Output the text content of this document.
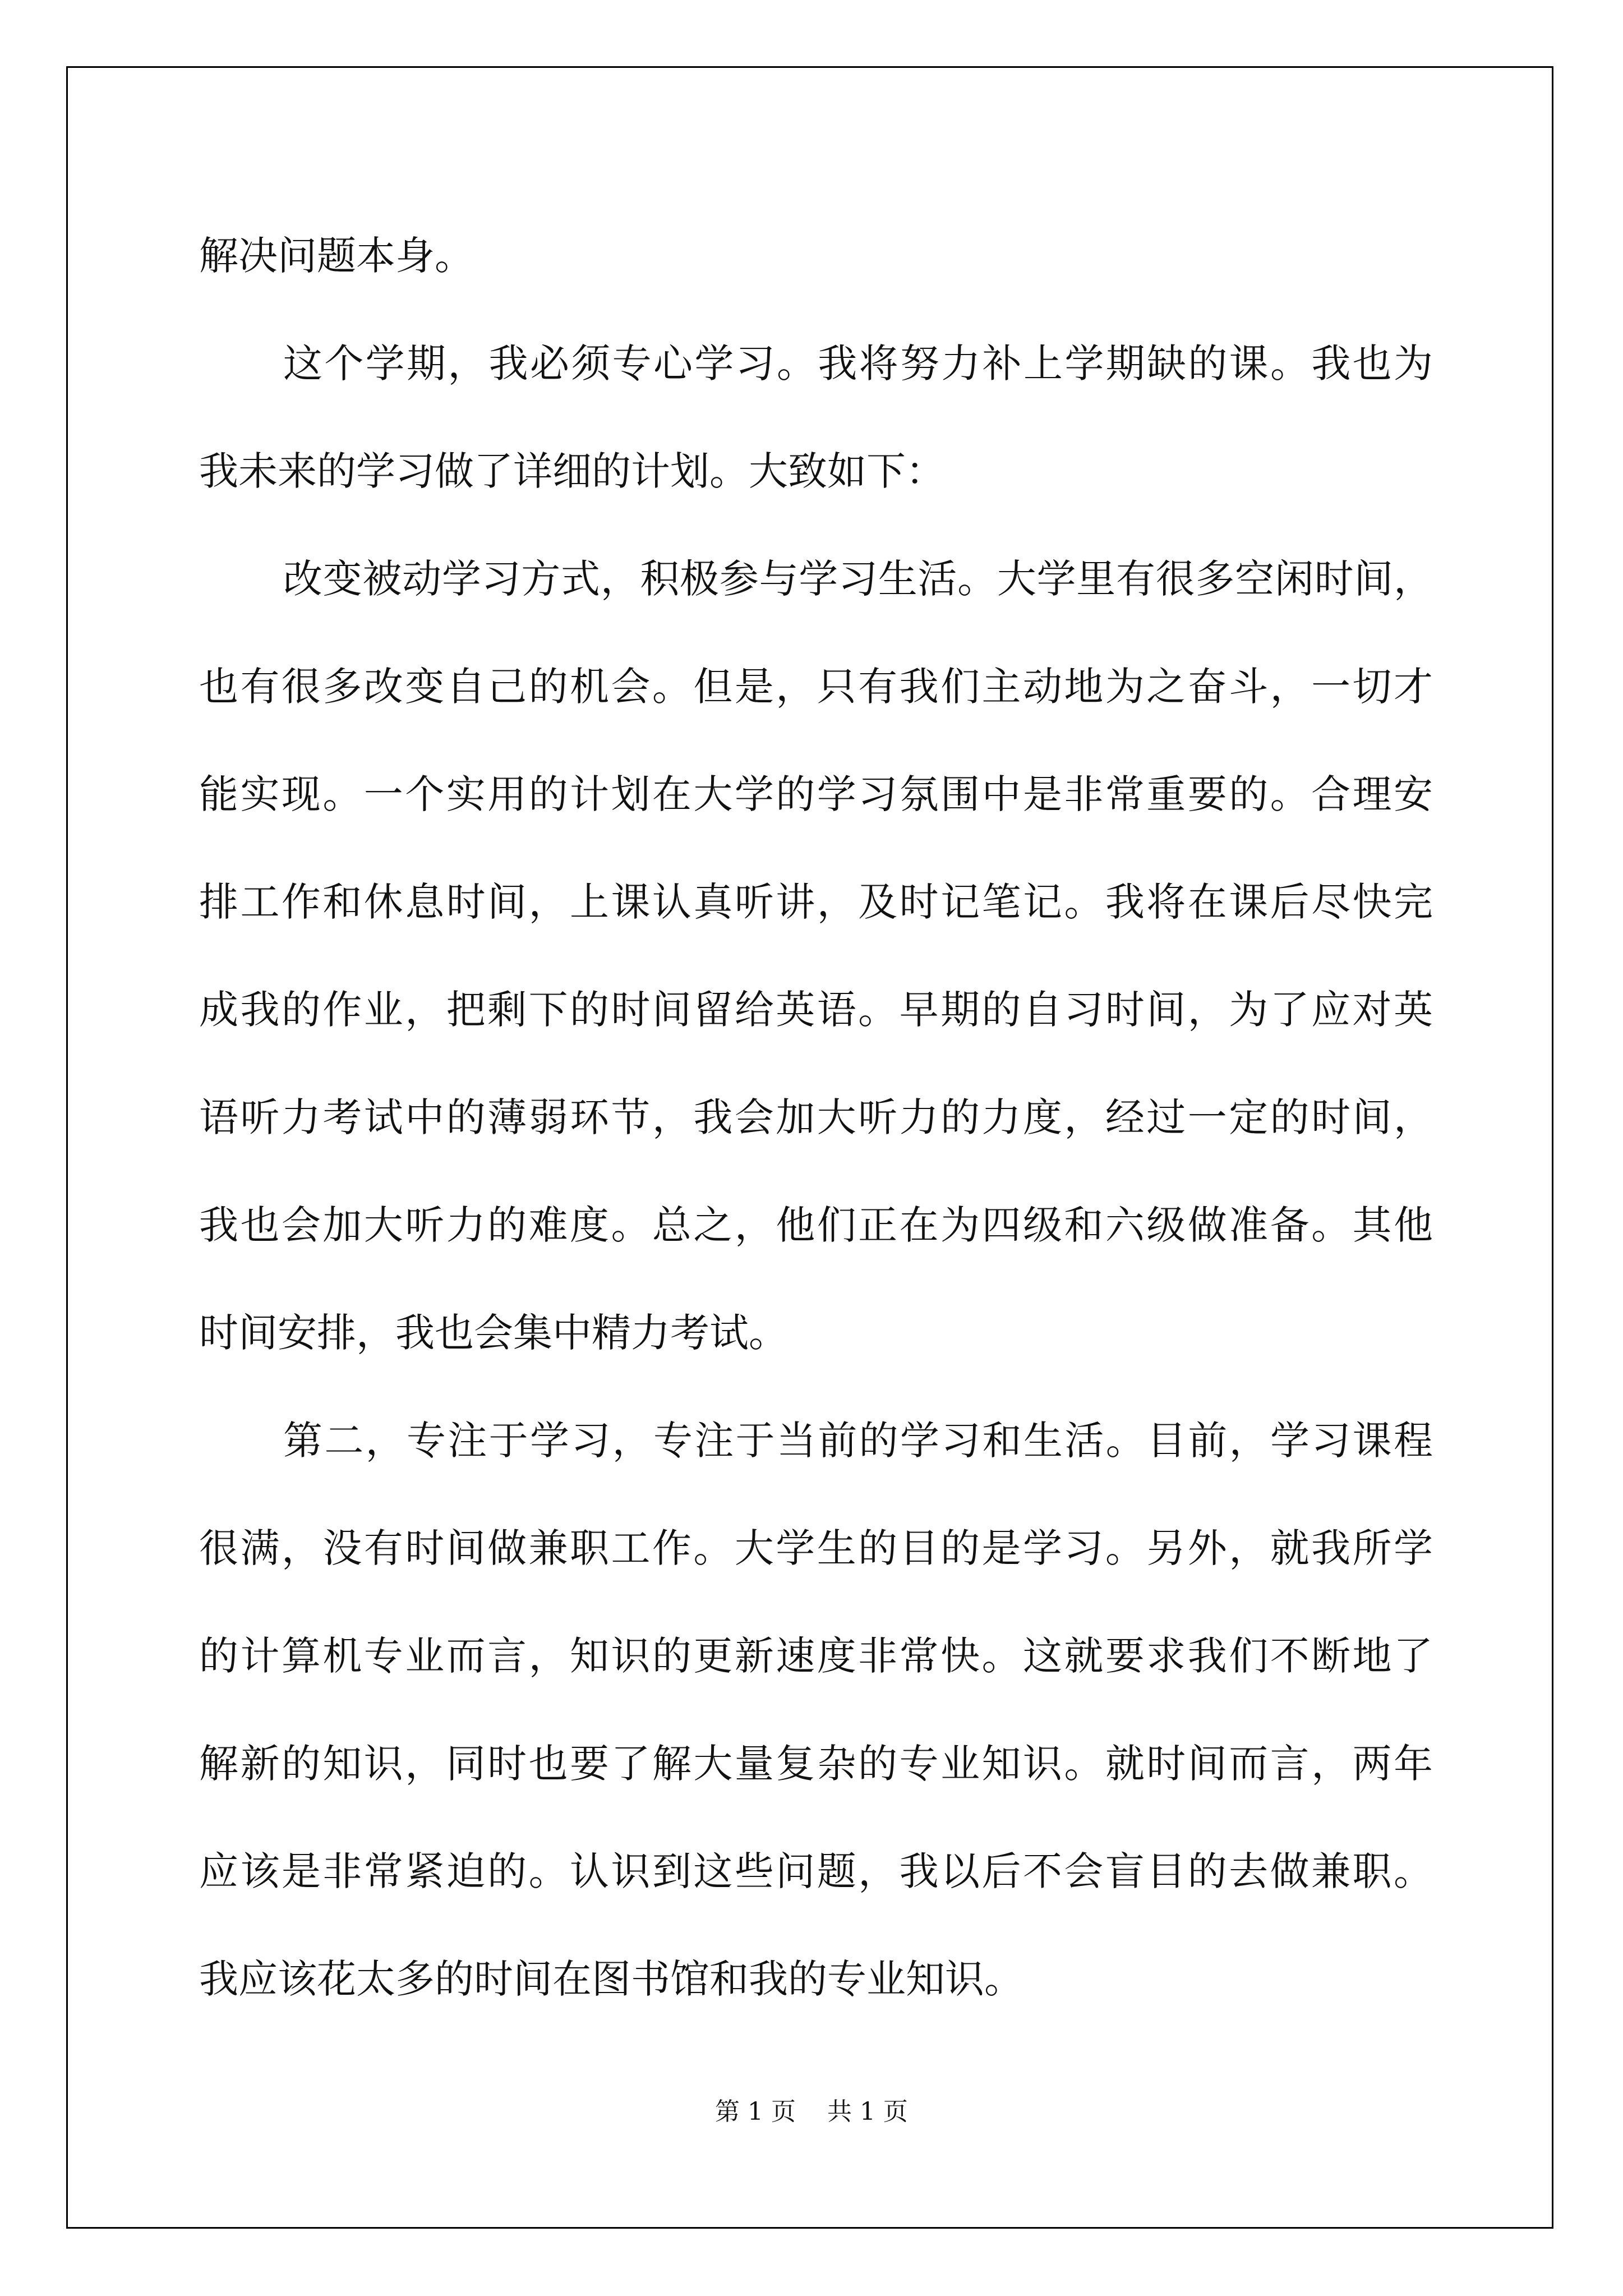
解决问题本身。
这个学期，我必须专心学习。我将努力补上学期缺的课。我也为
我未来的学习做了详细的计划。大致如下：
改变被动学习方式，积极参与学习生活。大学里有很多空闲时间，
也有很多改变自己的机会。但是，只有我们主动地为之奋斗，一切才
能实现。一个实用的计划在大学的学习氛围中是非常重要的。合理安
排工作和休息时间，上课认真听讲，及时记笔记。我将在课后尽快完
成我的作业，把剩下的时间留给英语。早期的自习时间，为了应对英
语听力考试中的薄弱环节，我会加大听力的力度，经过一定的时间，
我也会加大听力的难度。总之，他们正在为四级和六级做准备。其他
时间安排，我也会集中精力考试。
第二，专注于学习，专注于当前的学习和生活。目前，学习课程
很满，没有时间做兼职工作。大学生的目的是学习。另外，就我所学
的计算机专业而言，知识的更新速度非常快。这就要求我们不断地了
解新的知识，同时也要了解大量复杂的专业知识。就时间而言，两年
应该是非常紧迫的。认识到这些问题，我以后不会盲目的去做兼职。
我应该花太多的时间在图书馆和我的专业知识。
第 1 页    共 1 页
